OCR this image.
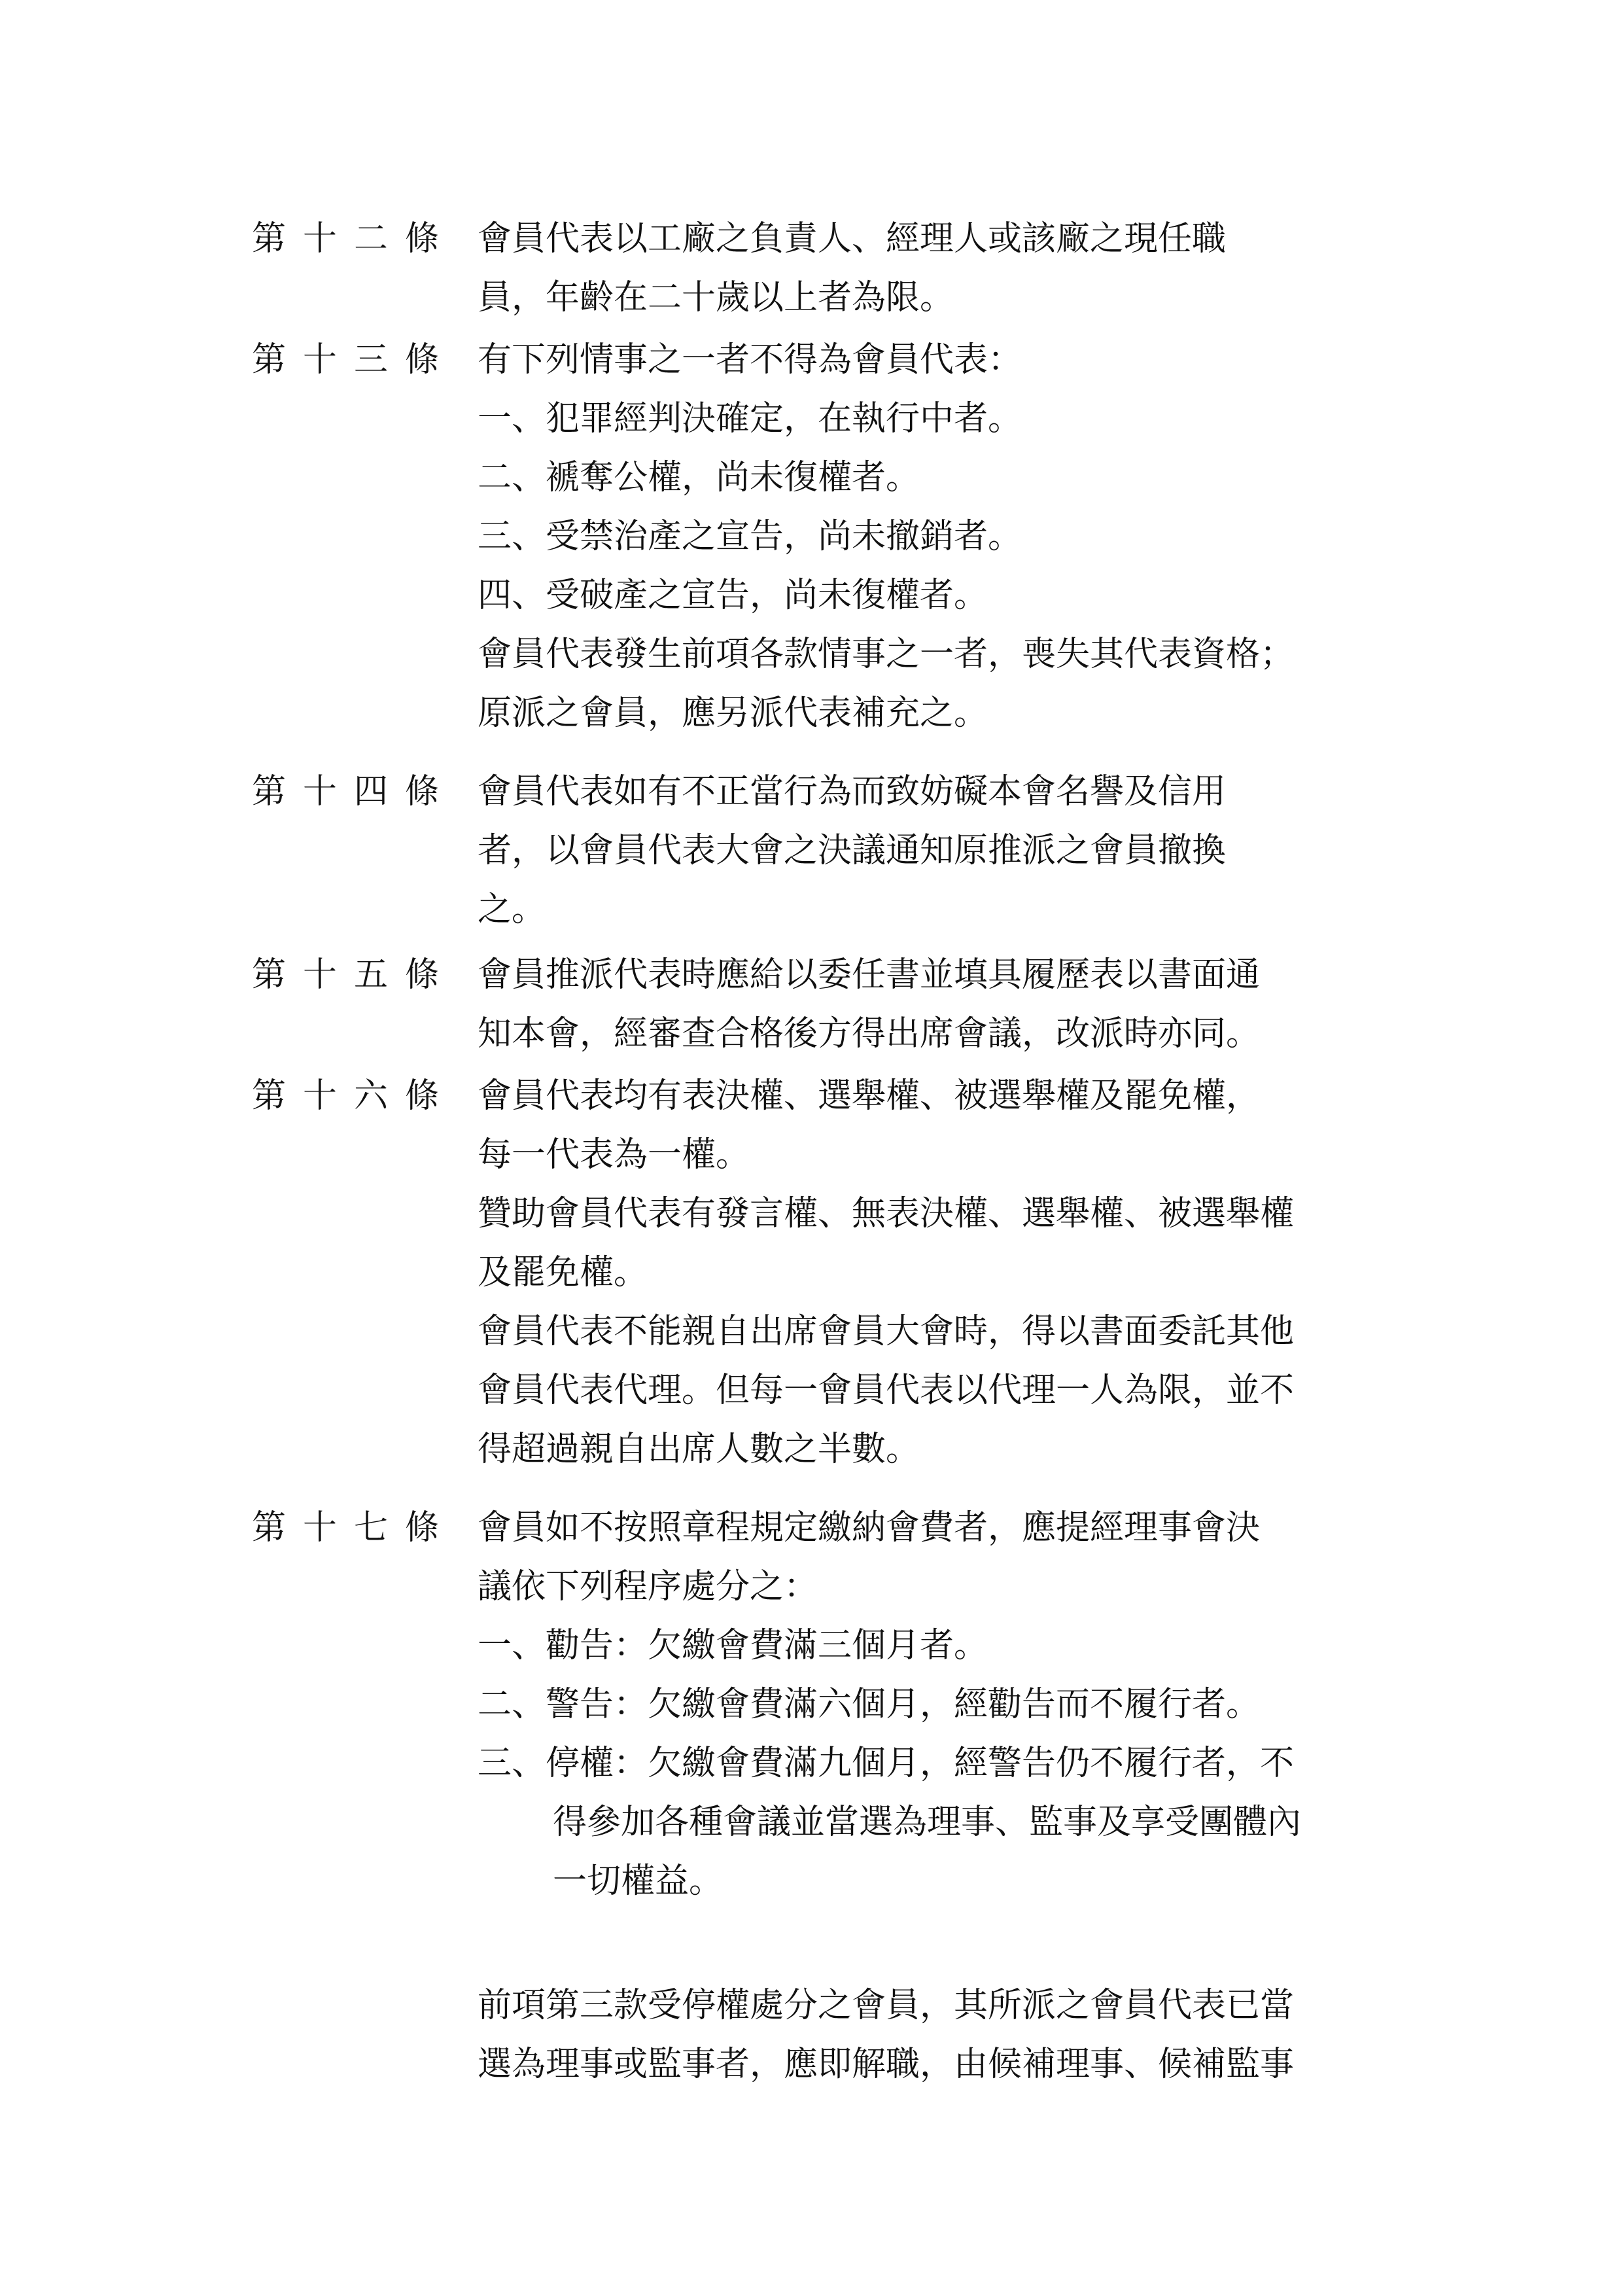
第十二條 會員代表以工廠之負責人、經理人或該廠之現任職
員，年齡在二十歲以上者為限。
第十三條 有下列情事之一者不得為會員代表：
一、犯罪經判決確定，在執行中者。
二、褫奪公權，尚未復權者。
三、受禁治產之宣告，尚未撤銷者。
四、受破產之宣告，尚未復權者。
會員代表發生前項各款情事之一者，喪失其代表資格；
原派之會員，應另派代表補充之。
第十四條 會員代表如有不正當行為而致妨礙本會名譽及信用
者，以會員代表大會之決議通知原推派之會員撤換
之。
第十五條 會員推派代表時應給以委任書並填具履歷表以書面通
知本會，經審查合格後方得出席會議，改派時亦同。
第十六條 會員代表均有表決權、選舉權、被選舉權及罷免權，
每一代表為一權。
贊助會員代表有發言權、無表決權、選舉權、被選舉權
及罷免權。
會員代表不能親自出席會員大會時，得以書面委託其他
會員代表代理。但每一會員代表以代理一人為限，並不
得超過親自出席人數之半數。
第十七條 會員如不按照章程規定繳納會費者，應提經理事會決
議依下列程序處分之：
一、勸告：欠繳會費滿三個月者。
二、警告：欠繳會費滿六個月，經勸告而不履行者。
三、停權：欠繳會費滿九個月，經警告仍不履行者，不
得參加各種會議並當選為理事、監事及享受團體內
一切權益。
前項第三款受停權處分之會員，其所派之會員代表已當
選為理事或監事者，應即解職，由候補理事、候補監事
